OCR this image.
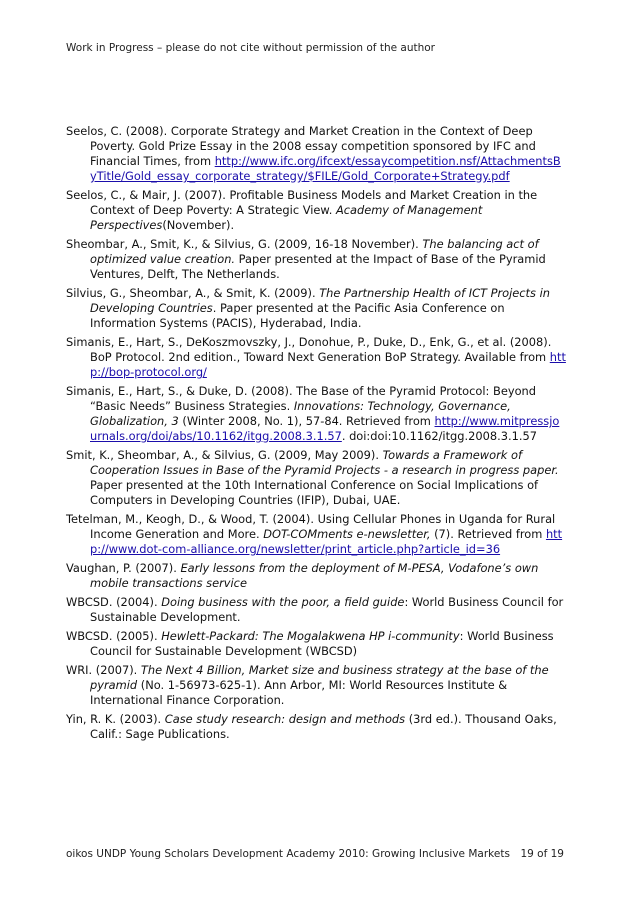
Work in Progress – please do not cite without permission of the author

Seelos, C. (2008). Corporate Strategy and Market Creation in the Context of Deep Poverty. Gold Prize Essay in the 2008 essay competition sponsored by IFC and Financial Times, from http://www.ifc.org/ifcext/essaycompetition.nsf/AttachmentsByTitle/Gold_essay_corporate_strategy/$FILE/Gold_Corporate+Strategy.pdf

Seelos, C., & Mair, J. (2007). Profitable Business Models and Market Creation in the Context of Deep Poverty: A Strategic View. Academy of Management Perspectives(November).

Sheombar, A., Smit, K., & Silvius, G. (2009, 16-18 November). The balancing act of optimized value creation. Paper presented at the Impact of Base of the Pyramid Ventures, Delft, The Netherlands.

Silvius, G., Sheombar, A., & Smit, K. (2009). The Partnership Health of ICT Projects in Developing Countries. Paper presented at the Pacific Asia Conference on Information Systems (PACIS), Hyderabad, India.

Simanis, E., Hart, S., DeKoszmovszky, J., Donohue, P., Duke, D., Enk, G., et al. (2008). BoP Protocol. 2nd edition., Toward Next Generation BoP Strategy. Available from http://bop-protocol.org/

Simanis, E., Hart, S., & Duke, D. (2008). The Base of the Pyramid Protocol: Beyond “Basic Needs” Business Strategies. Innovations: Technology, Governance, Globalization, 3 (Winter 2008, No. 1), 57-84. Retrieved from http://www.mitpressjournals.org/doi/abs/10.1162/itgg.2008.3.1.57. doi:doi:10.1162/itgg.2008.3.1.57

Smit, K., Sheombar, A., & Silvius, G. (2009, May 2009). Towards a Framework of Cooperation Issues in Base of the Pyramid Projects - a research in progress paper. Paper presented at the 10th International Conference on Social Implications of Computers in Developing Countries (IFIP), Dubai, UAE.

Tetelman, M., Keogh, D., & Wood, T. (2004). Using Cellular Phones in Uganda for Rural Income Generation and More. DOT-COMments e-newsletter, (7). Retrieved from http://www.dot-com-alliance.org/newsletter/print_article.php?article_id=36

Vaughan, P. (2007). Early lessons from the deployment of M-PESA, Vodafone’s own mobile transactions service

WBCSD. (2004). Doing business with the poor, a field guide: World Business Council for Sustainable Development.

WBCSD. (2005). Hewlett-Packard: The Mogalakwena HP i-community: World Business Council for Sustainable Development (WBCSD)

WRI. (2007). The Next 4 Billion, Market size and business strategy at the base of the pyramid (No. 1-56973-625-1). Ann Arbor, MI: World Resources Institute & International Finance Corporation.

Yin, R. K. (2003). Case study research: design and methods (3rd ed.). Thousand Oaks, Calif.: Sage Publications.

oikos UNDP Young Scholars Development Academy 2010: Growing Inclusive Markets 19 of 19
